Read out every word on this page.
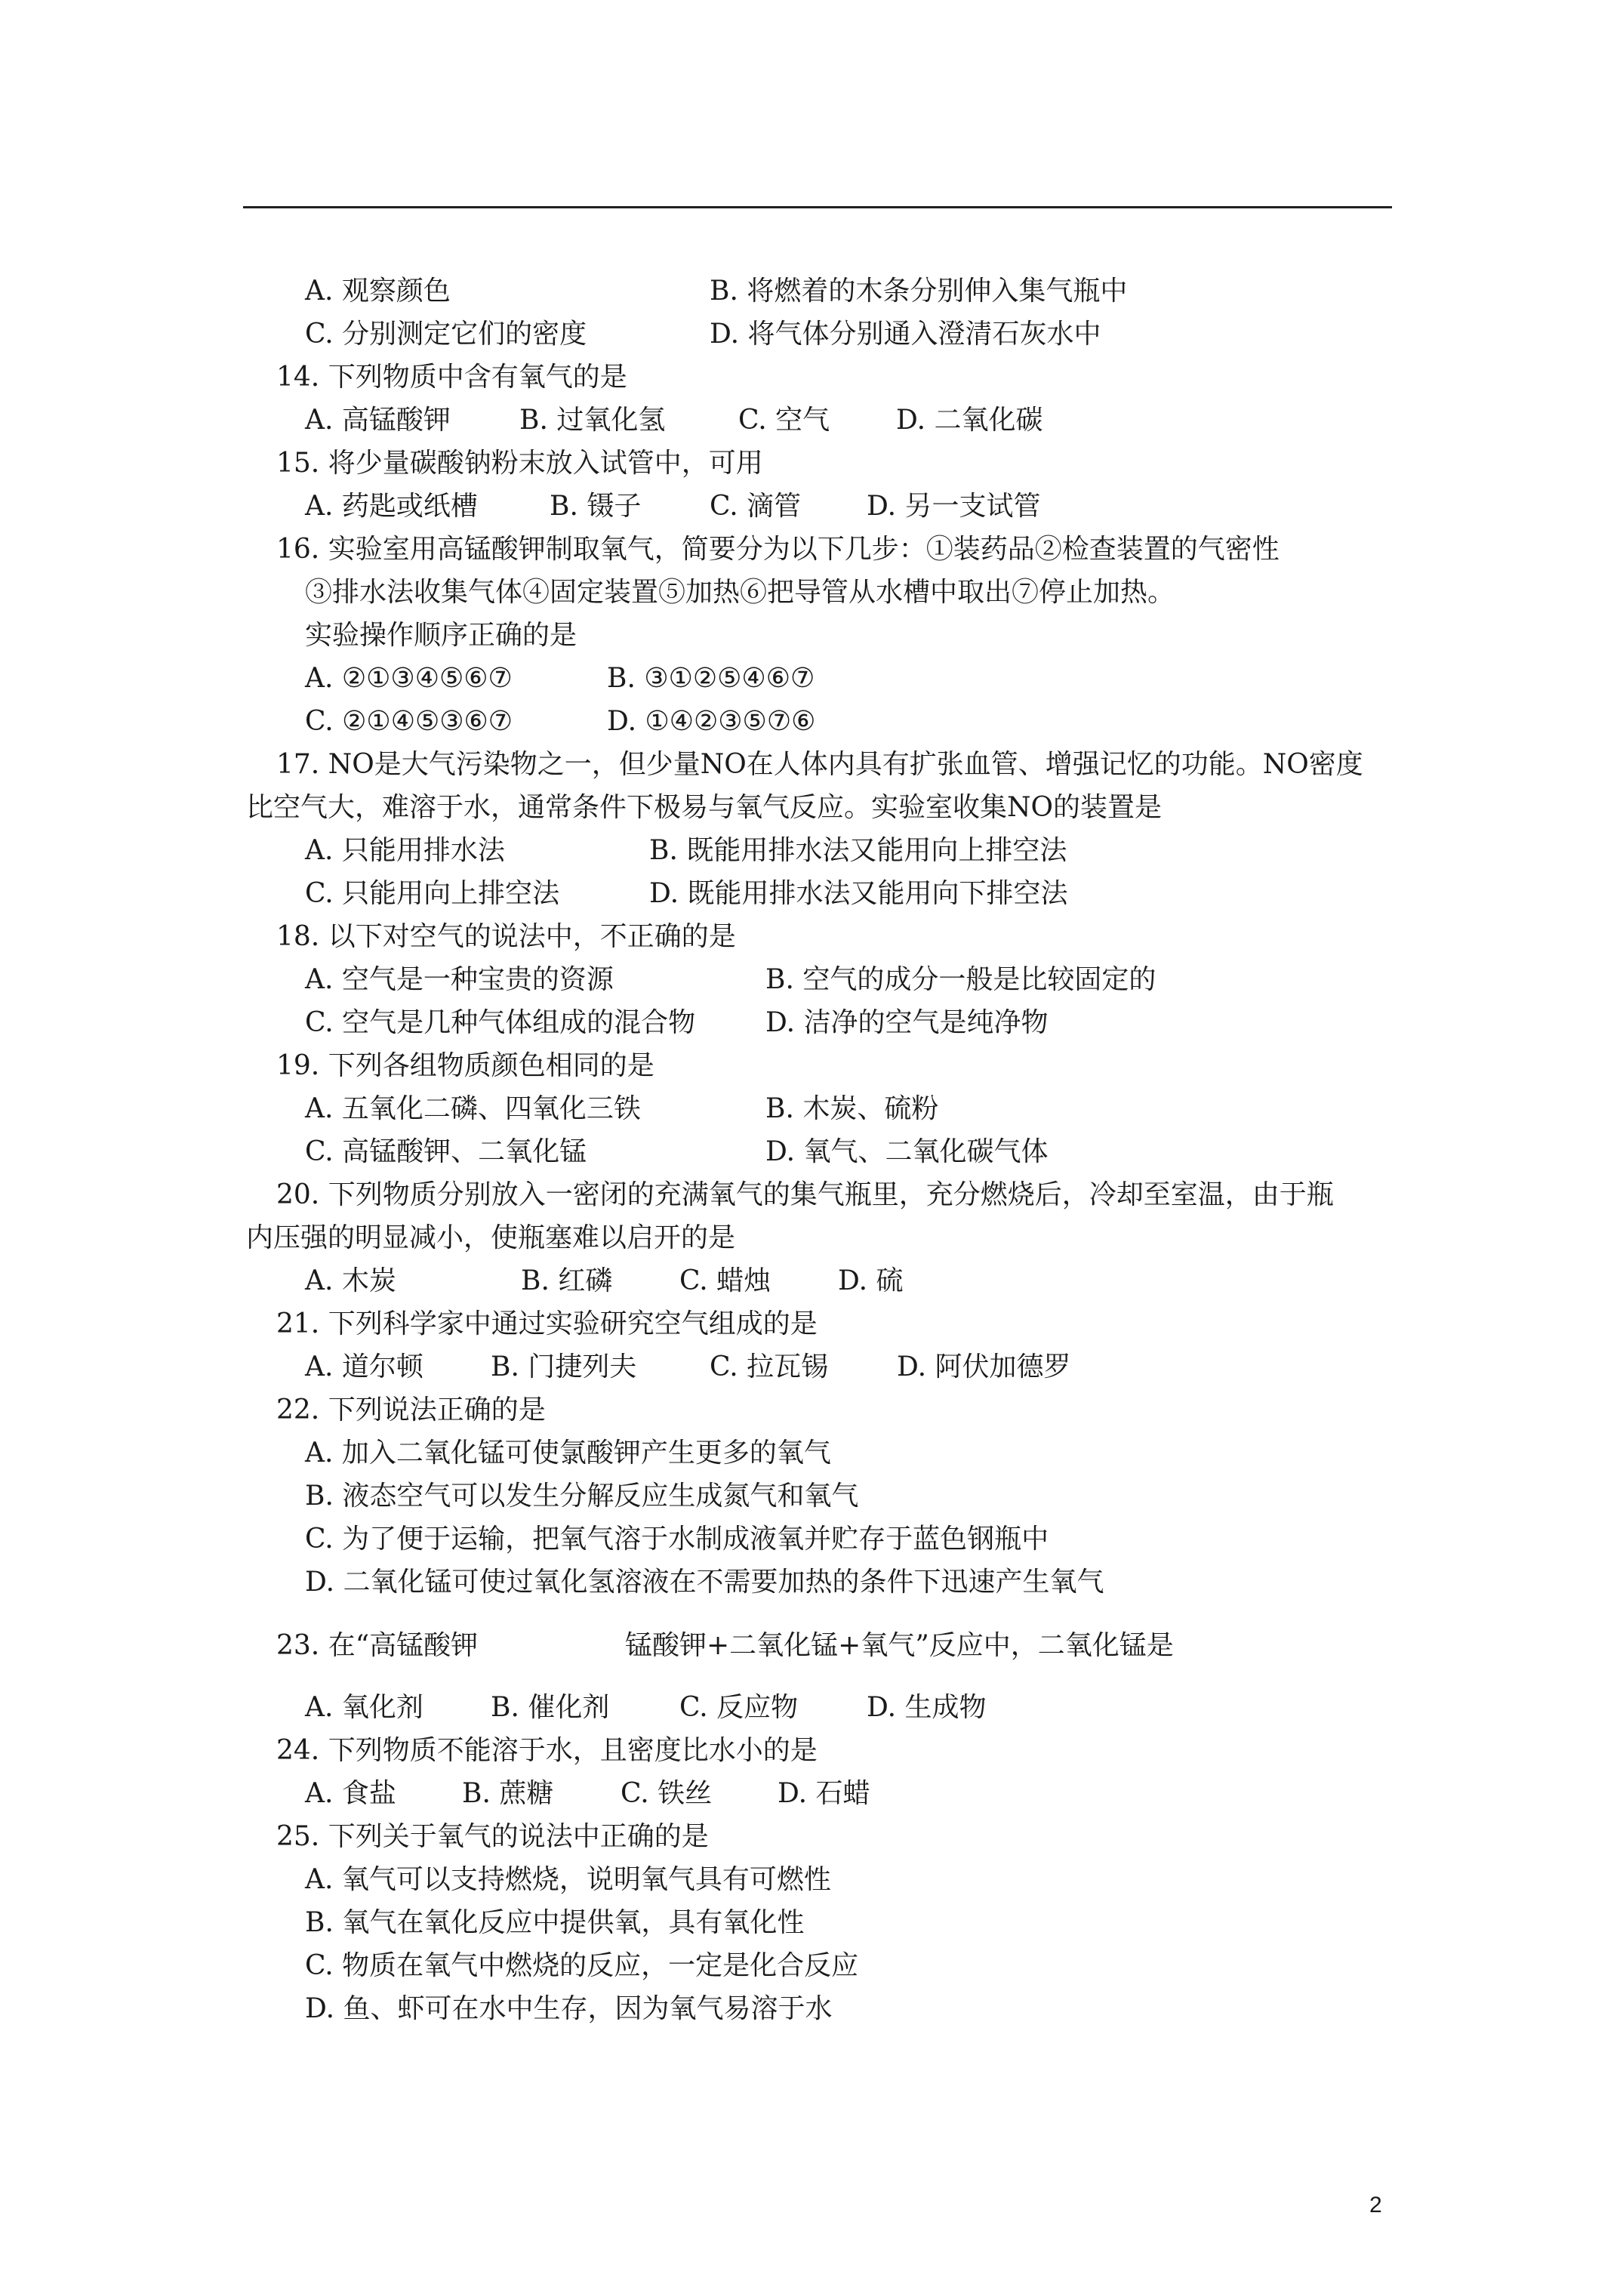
A. 观察颜色	B. 将燃着的木条分别伸入集气瓶中
C. 分别测定它们的密度	D. 将气体分别通入澄清石灰水中
14. 下列物质中含有氧气的是
A. 高锰酸钾	B. 过氧化氢	C. 空气 D. 二氧化碳
15. 将少量碳酸钠粉末放入试管中，可用
A. 药匙或纸槽	B. 镊子	C. 滴管 D. 另一支试管
16. 实验室用高锰酸钾制取氧气，简要分为以下几步：①装药品②检查装置的气密性
③排水法收集气体④固定装置⑤加热⑥把导管从水槽中取出⑦停止加热。
实验操作顺序正确的是
A. ②①③④⑤⑥⑦	B. ③①②⑤④⑥⑦
C. ②①④⑤③⑥⑦	D. ①④②③⑤⑦⑥
17. NO是大气污染物之一，但少量NO在人体内具有扩张血管、增强记忆的功能。NO密度
比空气大，难溶于水，通常条件下极易与氧气反应。实验室收集NO的装置是
A. 只能用排水法	B. 既能用排水法又能用向上排空法
C. 只能用向上排空法	D. 既能用排水法又能用向下排空法
18. 以下对空气的说法中，不正确的是
A. 空气是一种宝贵的资源	B. 空气的成分一般是比较固定的
C. 空气是几种气体组成的混合物	D. 洁净的空气是纯净物
19. 下列各组物质颜色相同的是
A. 五氧化二磷、四氧化三铁	B. 木炭、硫粉
C. 高锰酸钾、二氧化锰	D. 氧气、二氧化碳气体
20. 下列物质分别放入一密闭的充满氧气的集气瓶里，充分燃烧后，冷却至室温，由于瓶
内压强的明显减小，使瓶塞难以启开的是
A. 木炭	B. 红磷 C. 蜡烛 D. 硫
21. 下列科学家中通过实验研究空气组成的是
A. 道尔顿 B. 门捷列夫	C. 拉瓦锡	D. 阿伏加德罗
22. 下列说法正确的是
A. 加入二氧化锰可使氯酸钾产生更多的氧气
B. 液态空气可以发生分解反应生成氮气和氧气
C. 为了便于运输，把氧气溶于水制成液氧并贮存于蓝色钢瓶中
D. 二氧化锰可使过氧化氢溶液在不需要加热的条件下迅速产生氧气
23. 在“高锰酸钾	锰酸钾+二氧化锰+氧气”反应中，二氧化锰是
A. 氧化剂 B. 催化剂	C. 反应物	D. 生成物
24. 下列物质不能溶于水，且密度比水小的是
A. 食盐 B. 蔗糖 C. 铁丝 D. 石蜡
25. 下列关于氧气的说法中正确的是
A. 氧气可以支持燃烧，说明氧气具有可燃性
B. 氧气在氧化反应中提供氧，具有氧化性
C. 物质在氧气中燃烧的反应，一定是化合反应
D. 鱼、虾可在水中生存，因为氧气易溶于水
2
